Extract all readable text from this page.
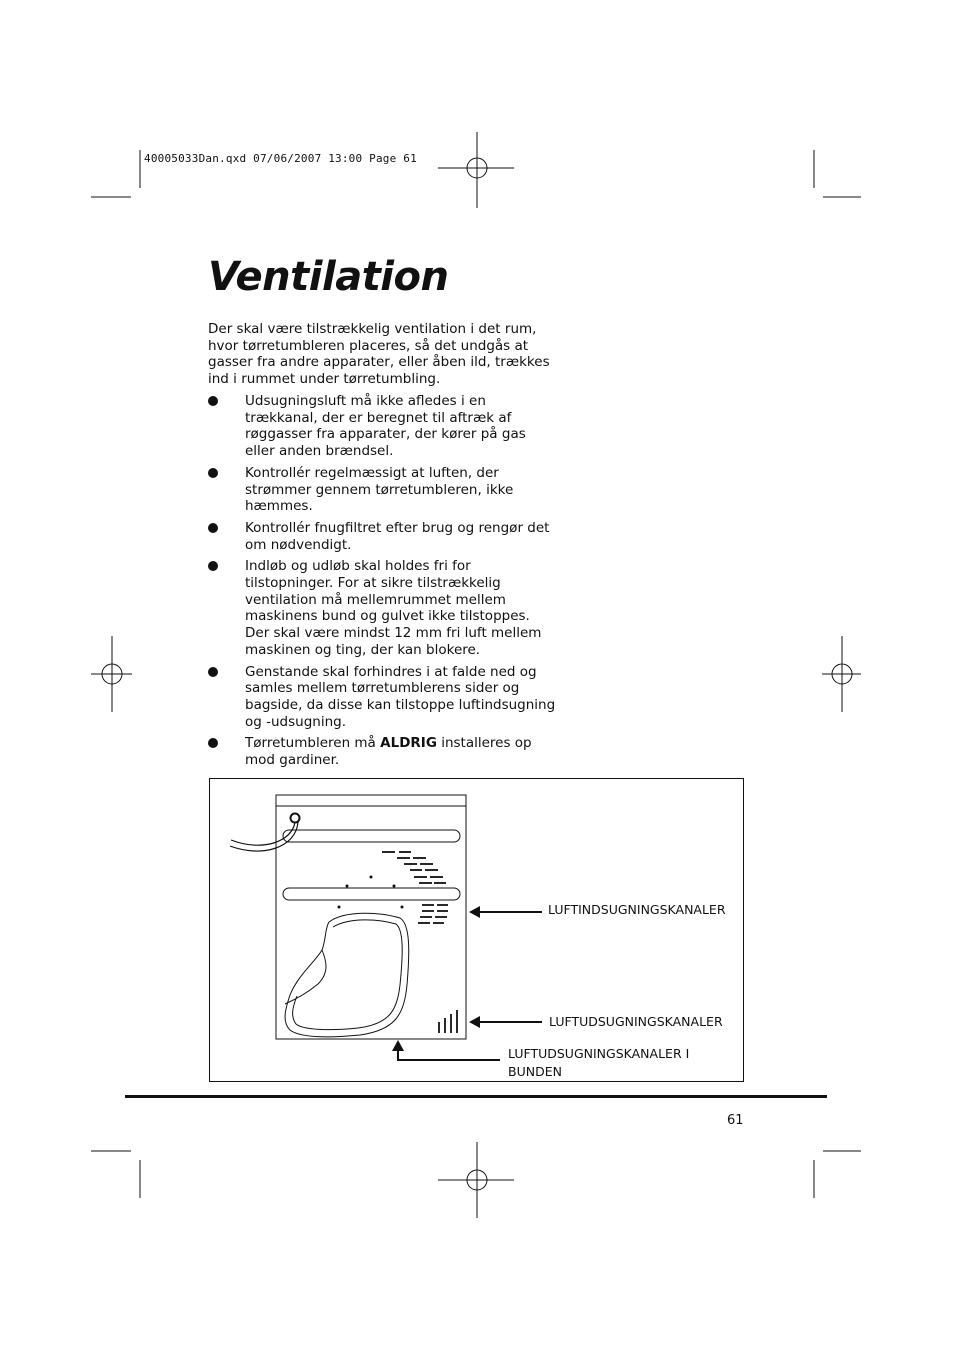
40005033Dan.qxd 07/06/2007 13:00 Page 61
Ventilation
Der skal være tilstrækkelig ventilation i det rum, hvor tørretumbleren placeres, så det undgås at gasser fra andre apparater, eller åben ild, trækkes ind i rummet under tørretumbling.
Udsugningsluft må ikke afledes i en trækkanal, der er beregnet til aftræk af røggasser fra apparater, der kører på gas eller anden brændsel.
Kontrollér regelmæssigt at luften, der strømmer gennem tørretumbleren, ikke hæmmes.
Kontrollér fnugfiltret efter brug og rengør det om nødvendigt.
Indløb og udløb skal holdes fri for tilstopninger. For at sikre tilstrækkelig ventilation må mellemrummet mellem maskinens bund og gulvet ikke tilstoppes. Der skal være mindst 12 mm fri luft mellem maskinen og ting, der kan blokere.
Genstande skal forhindres i at falde ned og samles mellem tørretumblerens sider og bagside, da disse kan tilstoppe luftindsugning og -udsugning.
Tørretumbleren må ALDRIG installeres op mod gardiner.
LUFTINDSUGNINGSKANALER
LUFTUDSUGNINGSKANALER
LUFTUDSUGNINGSKANALER I BUNDEN
61
